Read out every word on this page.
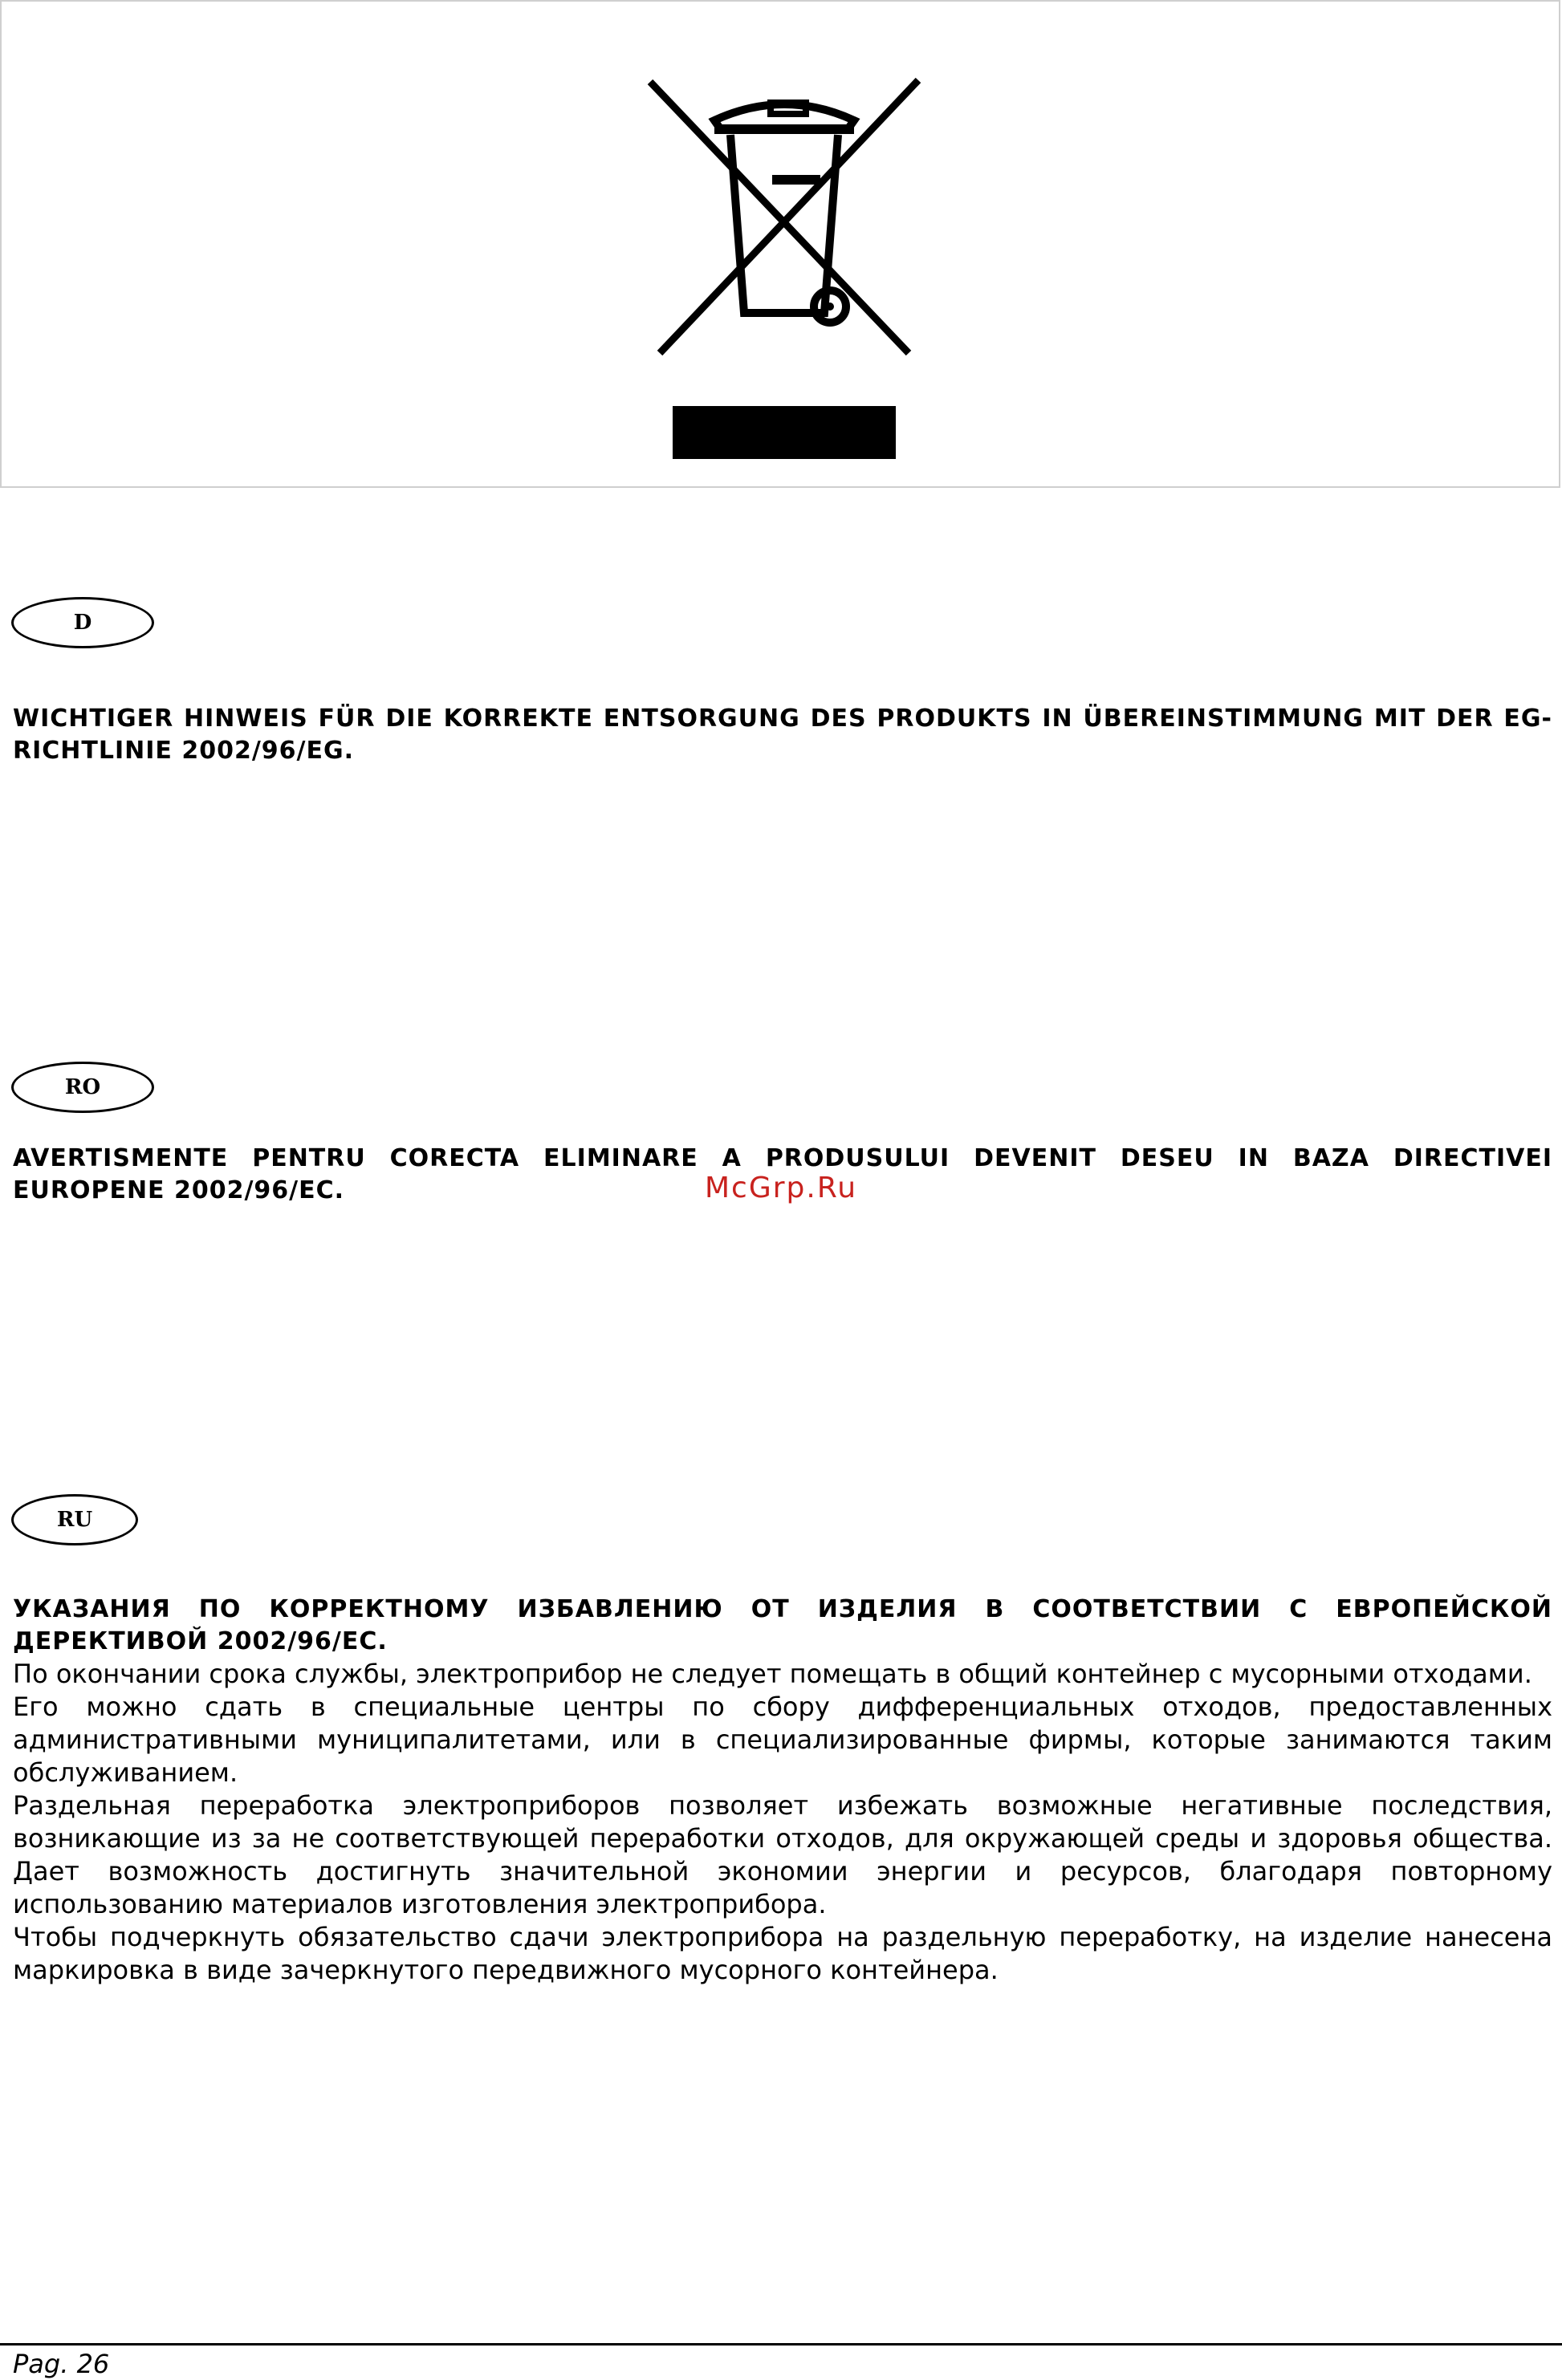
D
WICHTIGER HINWEIS FÜR DIE KORREKTE ENTSORGUNG DES PRODUKTS IN ÜBEREINSTIMMUNG MIT DER EG-RICHTLINIE 2002/96/EG.
RO
AVERTISMENTE PENTRU CORECTA ELIMINARE A PRODUSULUI DEVENIT DESEU IN BAZA DIRECTIVEI EUROPENE 2002/96/EC.	McGrp.Ru
RU
УКАЗАНИЯ ПО КОРРЕКТНОМУ ИЗБАВЛЕНИЮ ОТ ИЗДЕЛИЯ В СООТВЕТСТВИИ С ЕВРОПЕЙСКОЙ ДЕРЕКТИВОЙ 2002/96/EC.

По окончании срока службы, электроприбор не следует помещать в общий контейнер с мусорными отходами.

Его можно сдать в специальные центры по сбору дифференциальных отходов, предоставленных административными муниципалитетами, или в специализированные фирмы, которые занимаются таким обслуживанием.

Раздельная переработка электроприборов позволяет избежать возможные негативные последствия, возникающие из за не соответствующей переработки отходов, для окружающей среды и здоровья общества. Дает возможность достигнуть значительной экономии энергии и ресурсов, благодаря повторному использованию материалов изготовления электроприбора.

Чтобы подчеркнуть обязательство сдачи электроприбора на раздельную переработку, на изделие нанесена маркировка в виде зачеркнутого передвижного мусорного контейнера.

Pag. 26
